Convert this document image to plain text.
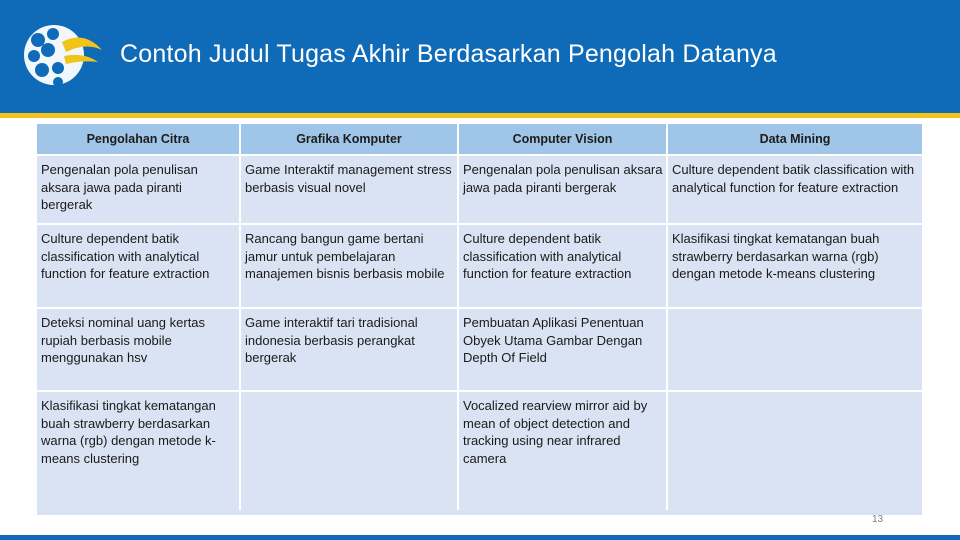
Contoh Judul Tugas Akhir Berdasarkan Pengolah Datanya
Pengolahan Citra	Grafika Komputer	Computer Vision	Data Mining
Pengenalan pola penulisan aksara jawa pada piranti bergerak	Game Interaktif management stress berbasis visual novel	Pengenalan pola penulisan aksara jawa pada piranti bergerak	Culture dependent batik classification with analytical function for feature extraction
Culture dependent batik classification with analytical function for feature extraction	Rancang bangun game bertani jamur untuk pembelajaran manajemen bisnis berbasis mobile	Culture dependent batik classification with analytical function for feature extraction	Klasifikasi tingkat kematangan buah strawberry berdasarkan warna (rgb) dengan metode k-means clustering
Deteksi nominal uang kertas rupiah berbasis mobile menggunakan hsv	Game interaktif tari tradisional indonesia berbasis perangkat bergerak	Pembuatan Aplikasi Penentuan Obyek Utama Gambar Dengan Depth Of Field	
Klasifikasi tingkat kematangan buah strawberry berdasarkan warna (rgb) dengan metode k-means clustering		Vocalized rearview mirror aid by mean of object detection and tracking using near infrared camera	
13
